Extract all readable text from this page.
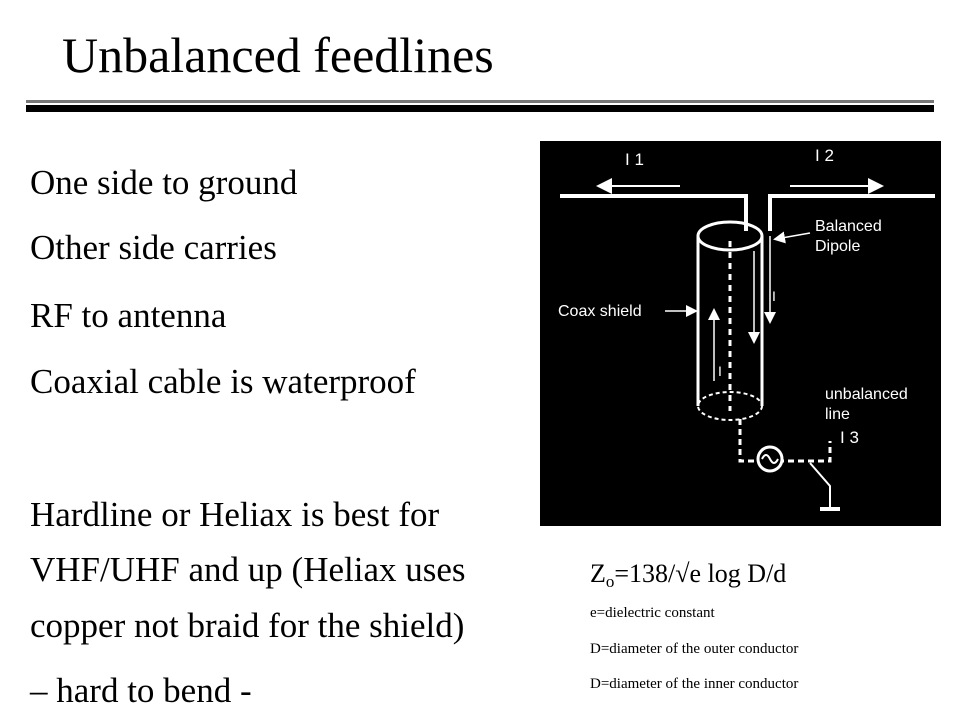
Unbalanced feedlines
One side to ground
Other side carries
RF to antenna
Coaxial cable is waterproof
Hardline or Heliax is best for
VHF/UHF and up (Heliax uses
copper not braid for the shield)
– hard to bend -
I 1	I 2
Balanced
Dipole
Coax shield
I
I
unbalanced
line
I 3
$Z_o=138/√e$ log D/d
e=dielectric constant
D=diameter of the outer conductor
D=diameter of the inner conductor
